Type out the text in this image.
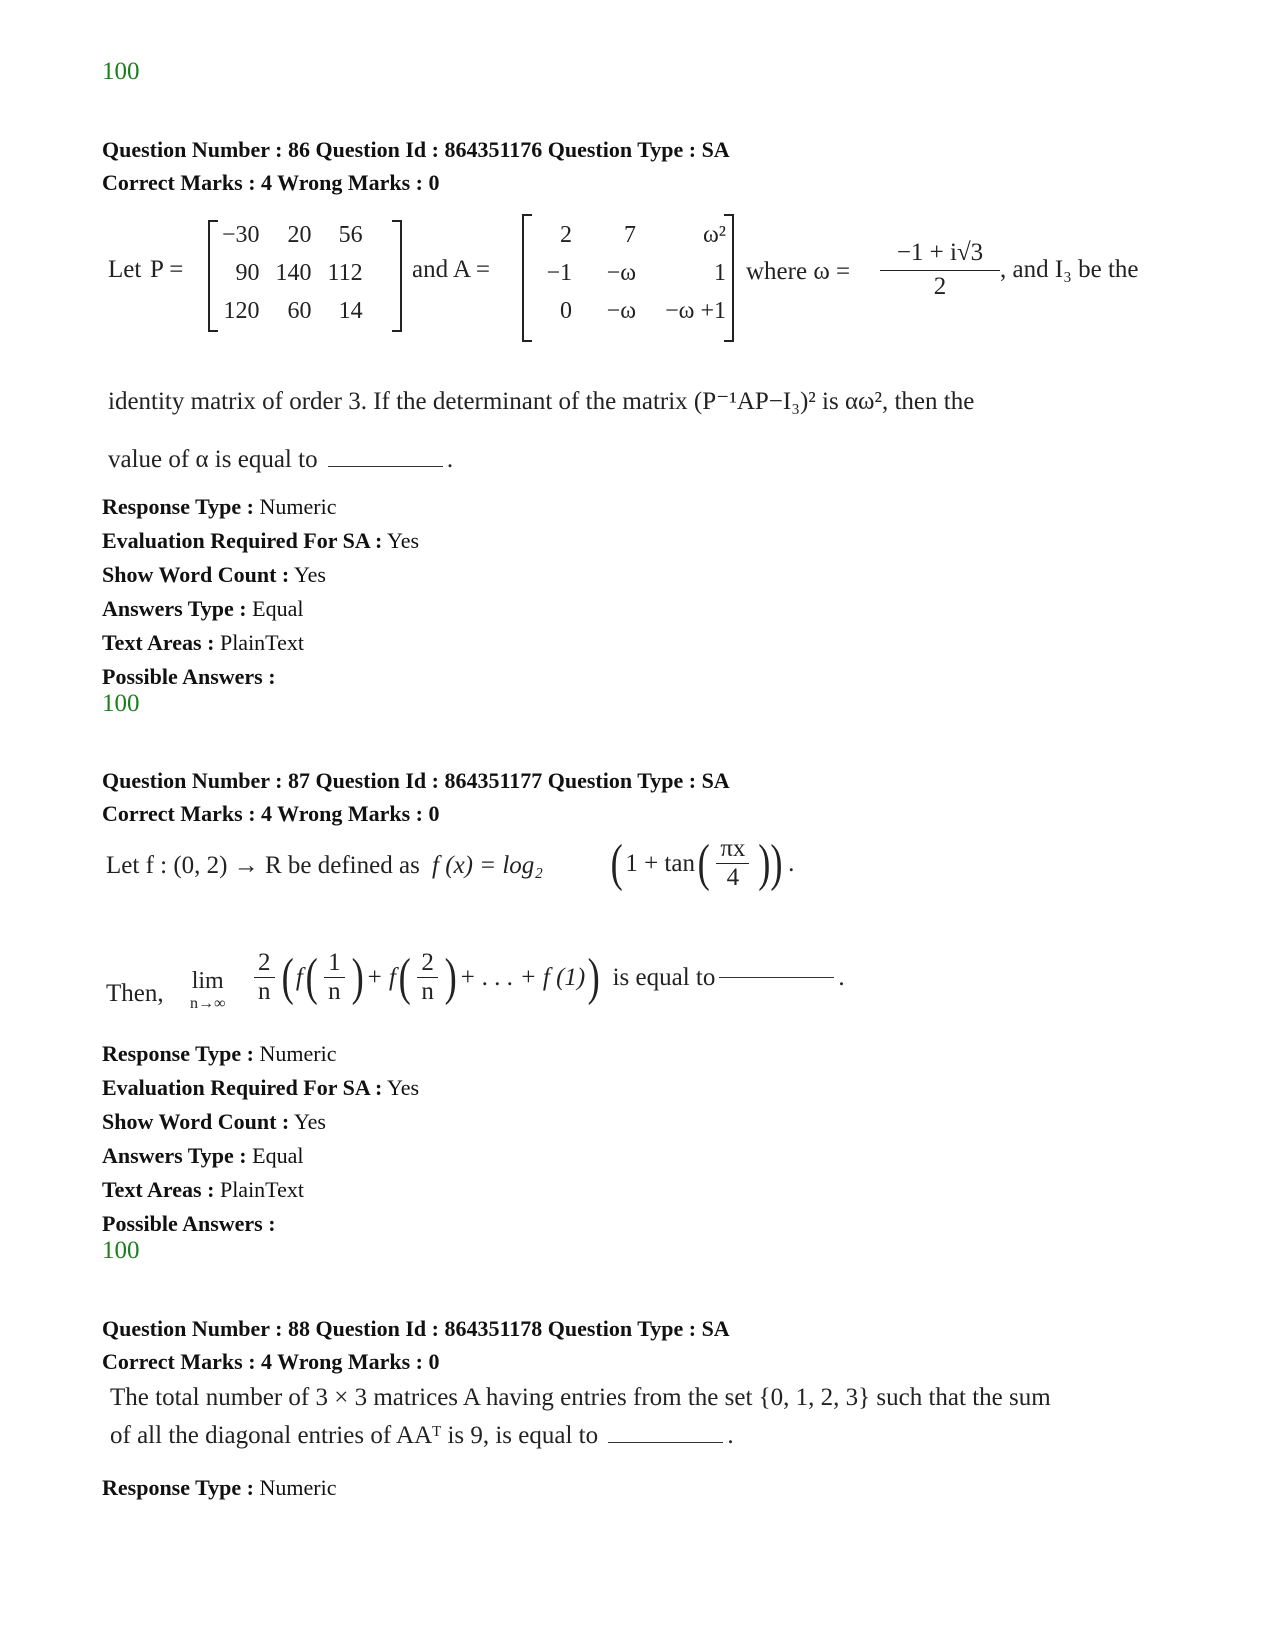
100
Question Number : 86 Question Id : 864351176 Question Type : SA
Correct Marks : 4 Wrong Marks : 0
Let P =
−30	20	56
90	140	112
120	60	14
and A =
2	7	ω²
−1	−ω	1
0	−ω	−ω +1
where $\omega = \frac{-1 + i√3}{2}$ , and I₃ be the
identity matrix of order 3. If the determinant of the matrix (P⁻¹AP−I₃)² is αω², then the
value of α is equal to	.
Response Type : Numeric
Evaluation Required For SA : Yes
Show Word Count : Yes
Answers Type : Equal
Text Areas : PlainText
Possible Answers :
100
Question Number : 87 Question Id : 864351177 Question Type : SA
Correct Marks : 4 Wrong Marks : 0
Let f : (0, 2) → R be defined as f (x) = log₂ ( 1 + tan ( $\frac{\pi x}{4}$ )) .
Then, lim
$n\to\infty \frac{2}{n}$ ( f ( $\frac{1}{n}$ ) + f ( $\frac{2}{n}$ ) + . . . + f (1) ) is equal to	.
Response Type : Numeric
Evaluation Required For SA : Yes
Show Word Count : Yes
Answers Type : Equal
Text Areas : PlainText
Possible Answers :
100
Question Number : 88 Question Id : 864351178 Question Type : SA
Correct Marks : 4 Wrong Marks : 0
The total number of 3 × 3 matrices A having entries from the set {0, 1, 2, 3} such that the sum
of all the diagonal entries of AAᵀ is 9, is equal to	.
Response Type : Numeric
